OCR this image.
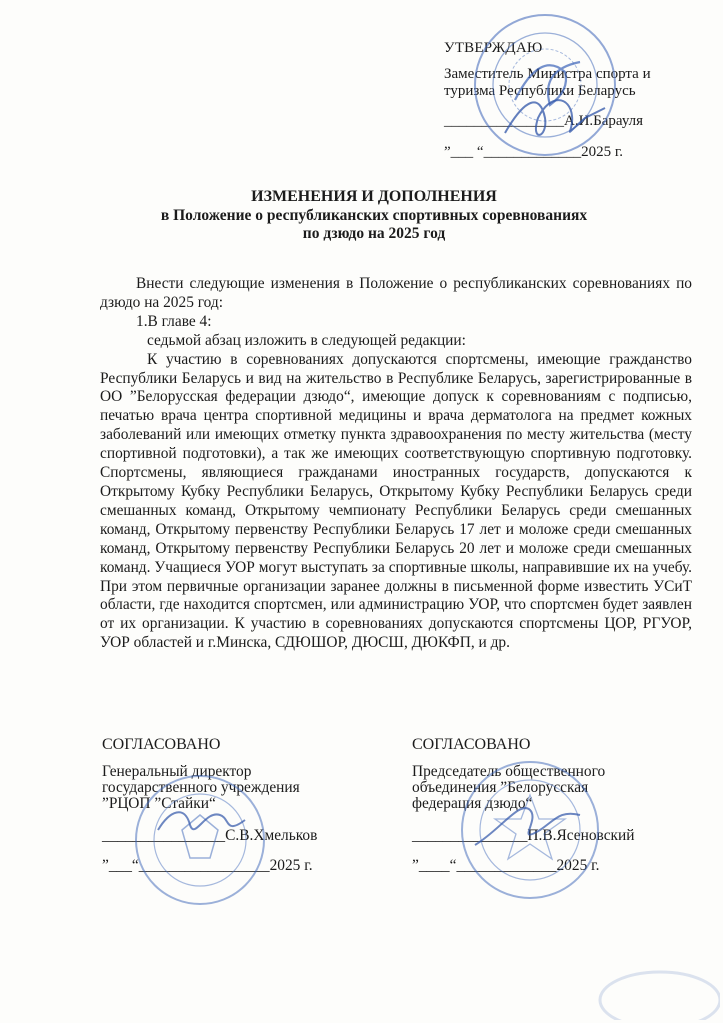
УТВЕРЖДАЮ
Заместитель Министра спорта и
туризма Республики Беларусь
________________А.И.Барауля
”___ “_____________2025 г.
ИЗМЕНЕНИЯ И ДОПОЛНЕНИЯ
в Положение о республиканских спортивных соревнованиях
по дзюдо на 2025 год

Внести следующие изменения в Положение о республиканских соревнованиях по дзюдо на 2025 год:

1.В главе 4:

седьмой абзац изложить в следующей редакции:

К участию в соревнованиях допускаются спортсмены, имеющие гражданство Республики Беларусь и вид на жительство в Республике Беларусь, зарегистрированные в ОО ”Белорусская федерации дзюдо“, имеющие допуск к соревнованиям с подписью, печатью врача центра спортивной медицины и врача дерматолога на предмет кожных заболеваний или имеющих отметку пункта здравоохранения по месту жительства (месту спортивной подготовки), а так же имеющих соответствующую спортивную подготовку. Спортсмены, являющиеся гражданами иностранных государств, допускаются к Открытому Кубку Республики Беларусь, Открытому Кубку Республики Беларусь среди смешанных команд, Открытому чемпионату Республики Беларусь среди смешанных команд, Открытому первенству Республики Беларусь 17 лет и моложе среди смешанных команд, Открытому первенству Республики Беларусь 20 лет и моложе среди смешанных команд. Учащиеся УОР могут выступать за спортивные школы, направившие их на учебу. При этом первичные организации заранее должны в письменной форме известить УСиТ области, где находится спортсмен, или администрацию УОР, что спортсмен будет заявлен от их организации. К участию в соревнованиях допускаются спортсмены ЦОР, РГУОР, УОР областей и г.Минска, СДЮШОР, ДЮСШ, ДЮКФП, и др.

СОГЛАСОВАНО
Генеральный директор
государственного учреждения
”РЦОП ”Стайки“
________________С.В.Хмельков
”___“_________________2025 г.
СОГЛАСОВАНО
Председатель общественного
объединения ”Белорусская
федерация дзюдо“
_______________П.В.Ясеновский
”____“_____________2025 г.
